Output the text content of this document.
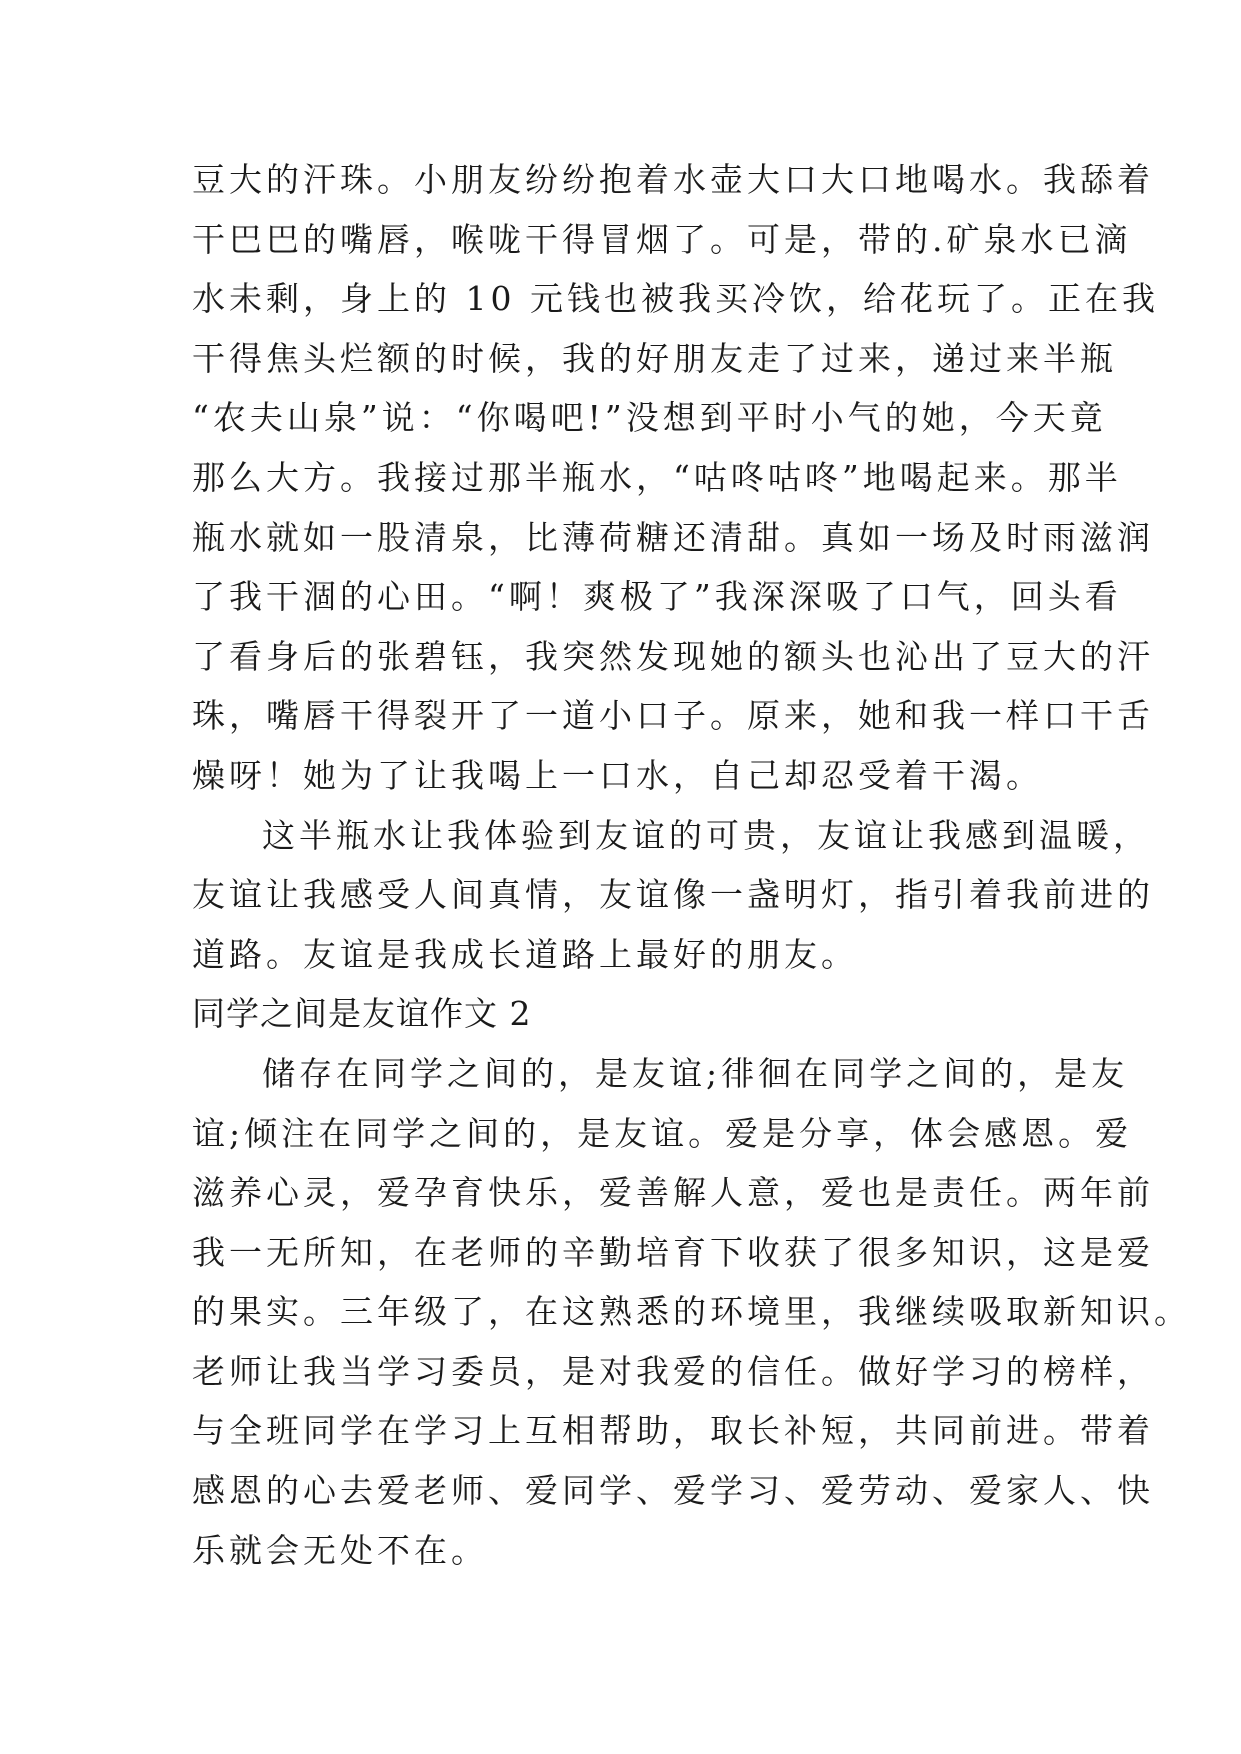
豆大的汗珠。小朋友纷纷抱着水壶大口大口地喝水。我舔着
干巴巴的嘴唇，喉咙干得冒烟了。可是，带的.矿泉水已滴
水未剩，身上的 10 元钱也被我买冷饮，给花玩了。正在我
干得焦头烂额的时候，我的好朋友走了过来，递过来半瓶
“农夫山泉”说：“你喝吧!”没想到平时小气的她，今天竟
那么大方。我接过那半瓶水，“咕咚咕咚”地喝起来。那半
瓶水就如一股清泉，比薄荷糖还清甜。真如一场及时雨滋润
了我干涸的心田。“啊！爽极了”我深深吸了口气，回头看
了看身后的张碧钰，我突然发现她的额头也沁出了豆大的汗
珠，嘴唇干得裂开了一道小口子。原来，她和我一样口干舌
燥呀！她为了让我喝上一口水，自己却忍受着干渴。
这半瓶水让我体验到友谊的可贵，友谊让我感到温暖，
友谊让我感受人间真情，友谊像一盏明灯，指引着我前进的
道路。友谊是我成长道路上最好的朋友。
同学之间是友谊作文 2
储存在同学之间的，是友谊;徘徊在同学之间的，是友
谊;倾注在同学之间的，是友谊。爱是分享，体会感恩。爱
滋养心灵，爱孕育快乐，爱善解人意，爱也是责任。两年前
我一无所知，在老师的辛勤培育下收获了很多知识，这是爱
的果实。三年级了，在这熟悉的环境里，我继续吸取新知识。
老师让我当学习委员，是对我爱的信任。做好学习的榜样，
与全班同学在学习上互相帮助，取长补短，共同前进。带着
感恩的心去爱老师、爱同学、爱学习、爱劳动、爱家人、快
乐就会无处不在。
